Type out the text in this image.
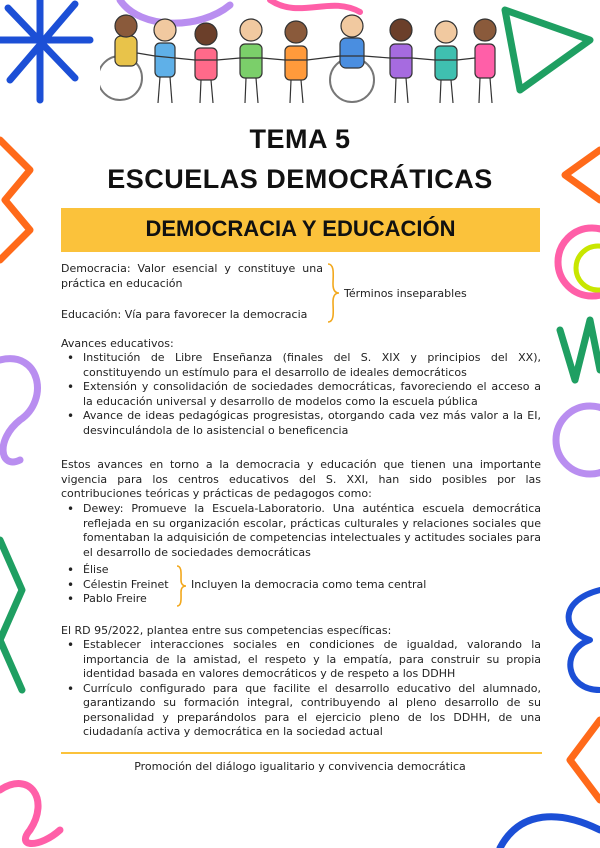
TEMA 5
ESCUELAS DEMOCRÁTICAS
DEMOCRACIA Y EDUCACIÓN
Democracia: Valor esencial y constituye una práctica en educación
Educación: Vía para favorecer la democracia
Términos inseparables
Avances educativos:
• Institución de Libre Enseñanza (finales del S. XIX y principios del XX), constituyendo un estímulo para el desarrollo de ideales democráticos
• Extensión y consolidación de sociedades democráticas, favoreciendo el acceso a la educación universal y desarrollo de modelos como la escuela pública
• Avance de ideas pedagógicas progresistas, otorgando cada vez más valor a la EI, desvinculándola de lo asistencial o beneficencia
Estos avances en torno a la democracia y educación que tienen una importante vigencia para los centros educativos del S. XXI, han sido posibles por las contribuciones teóricas y prácticas de pedagogos como:
• Dewey: Promueve la Escuela-Laboratorio. Una auténtica escuela democrática reflejada en su organización escolar, prácticas culturales y relaciones sociales que fomentaban la adquisición de competencias intelectuales y actitudes sociales para el desarrollo de sociedades democráticas
• Élise
• Célestin Freinet
• Pablo Freire
Incluyen la democracia como tema central
El RD 95/2022, plantea entre sus competencias específicas:
• Establecer interacciones sociales en condiciones de igualdad, valorando la importancia de la amistad, el respeto y la empatía, para construir su propia identidad basada en valores democráticos y de respeto a los DDHH
• Currículo configurado para que facilite el desarrollo educativo del alumnado, garantizando su formación integral, contribuyendo al pleno desarrollo de su personalidad y preparándolos para el ejercicio pleno de los DDHH, de una ciudadanía activa y democrática en la sociedad actual
Promoción del diálogo igualitario y convivencia democrática
